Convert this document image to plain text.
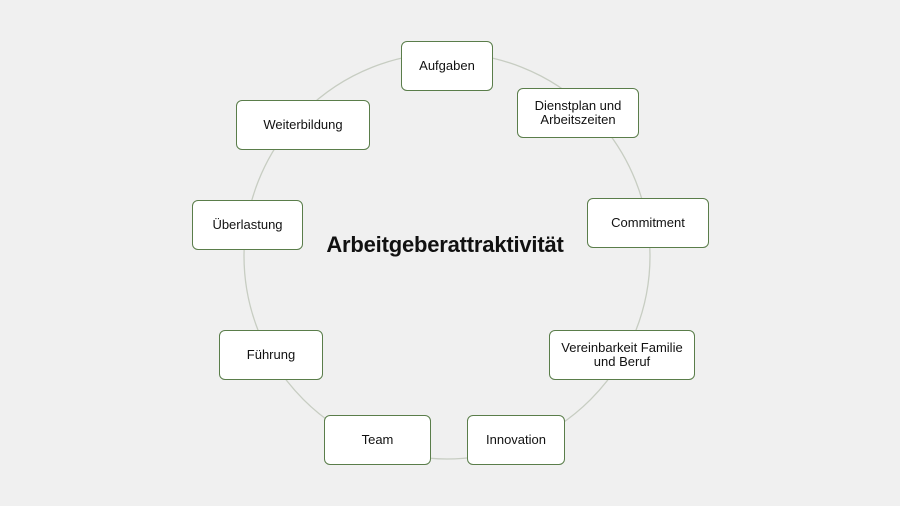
Arbeitgeberattraktivität
Aufgaben
Dienstplan und
Arbeitszeiten
Commitment
Vereinbarkeit Familie
und Beruf
Innovation
Team
Führung
Überlastung
Weiterbildung
